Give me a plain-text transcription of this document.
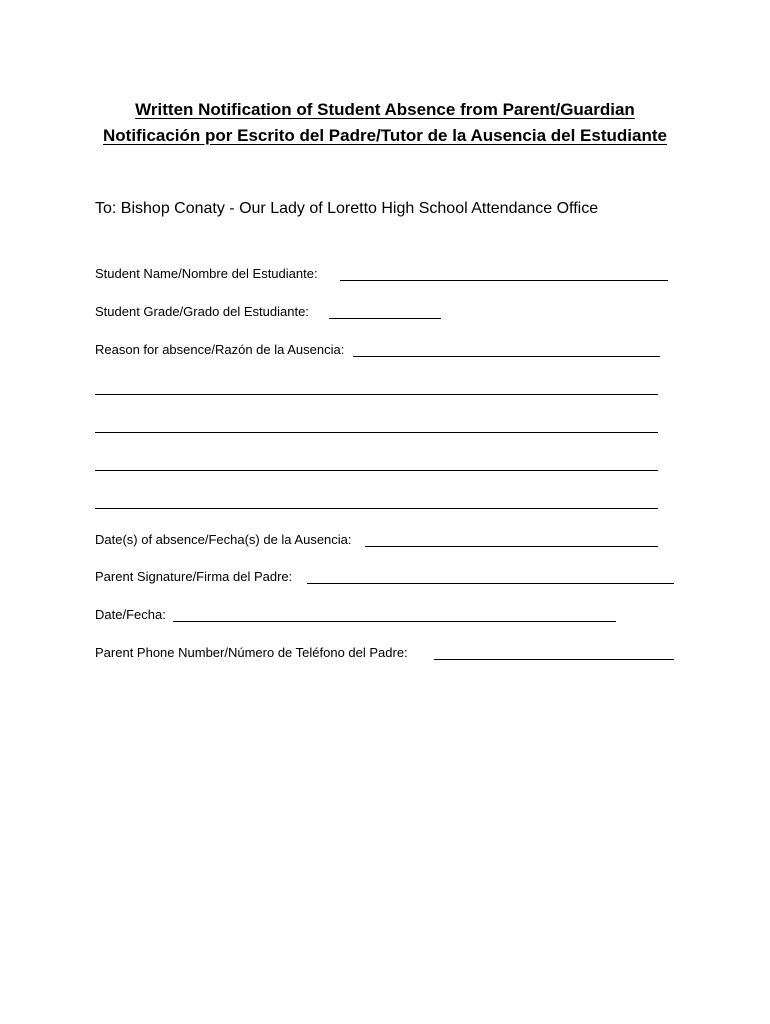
Written Notification of Student Absence from Parent/Guardian
Notificación por Escrito del Padre/Tutor de la Ausencia del Estudiante
To: Bishop Conaty - Our Lady of Loretto High School Attendance Office
Student Name/Nombre del Estudiante:
Student Grade/Grado del Estudiante:
Reason for absence/Razón de la Ausencia:
Date(s) of absence/Fecha(s) de la Ausencia:
Parent Signature/Firma del Padre:
Date/Fecha:
Parent Phone Number/Número de Teléfono del Padre:
